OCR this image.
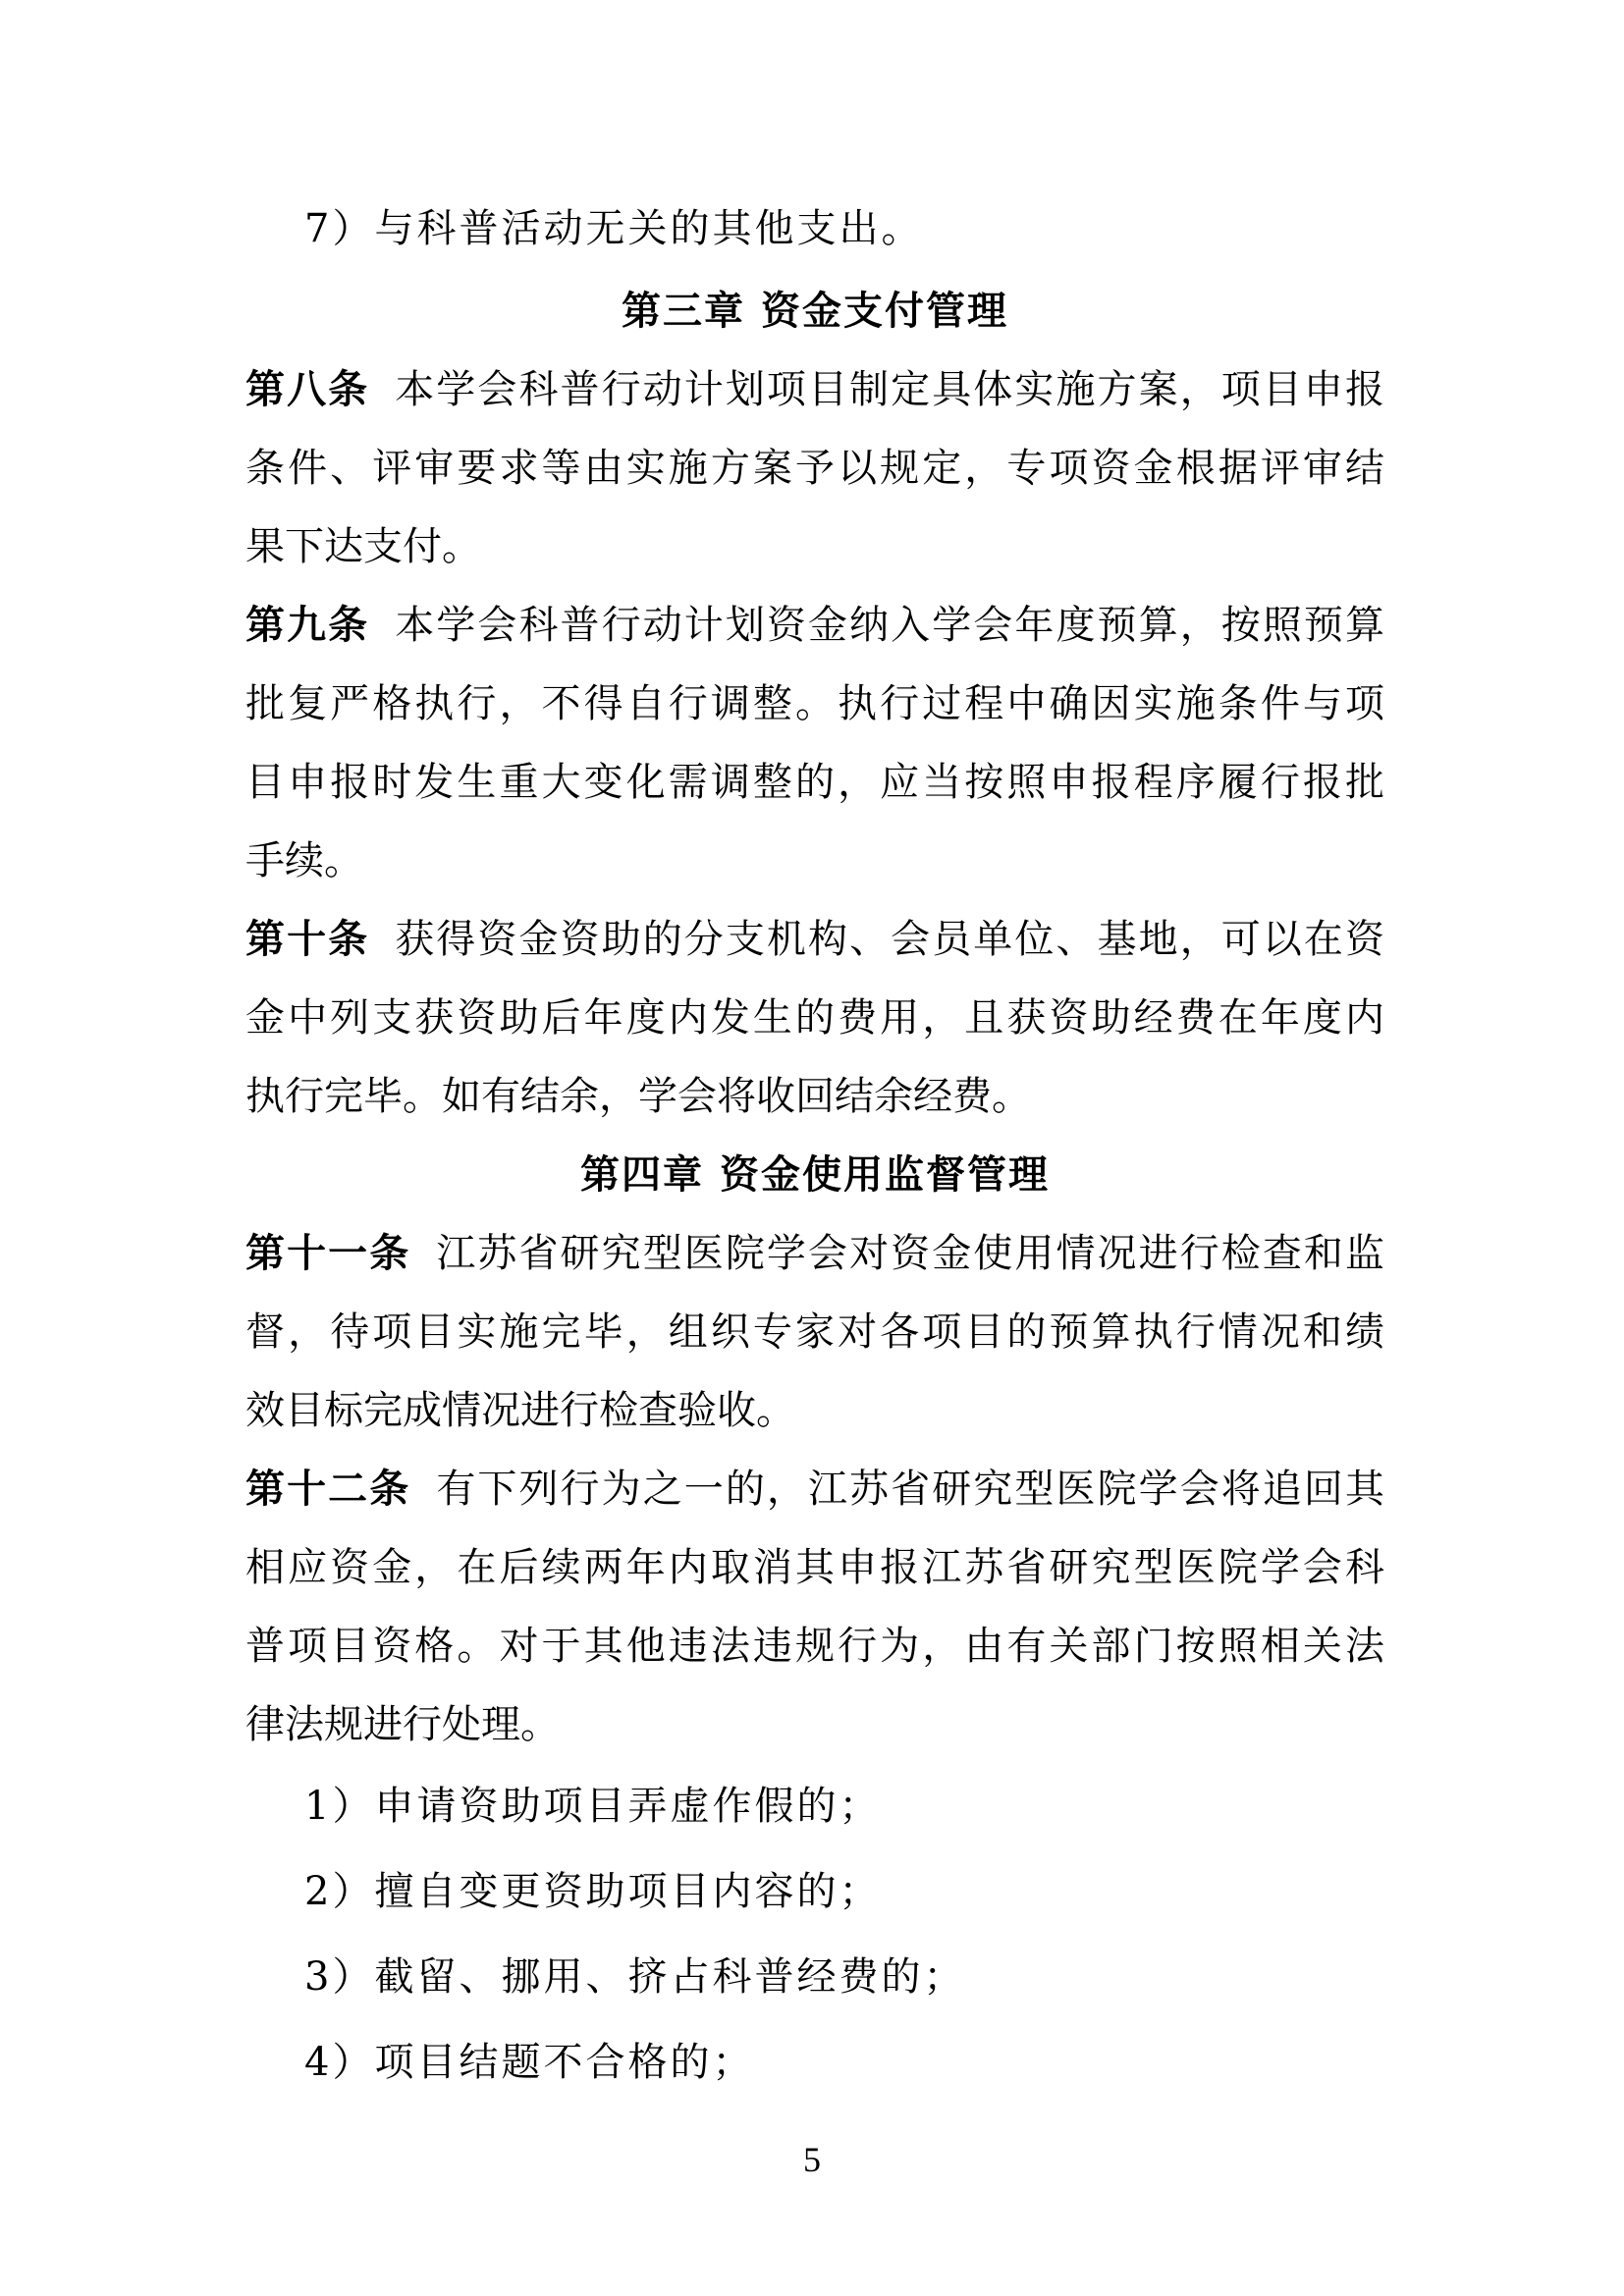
7）与科普活动无关的其他支出。
第三章 资金支付管理
第八条 本学会科普行动计划项目制定具体实施方案，项目申报
条件、评审要求等由实施方案予以规定，专项资金根据评审结
果下达支付。
第九条 本学会科普行动计划资金纳入学会年度预算，按照预算
批复严格执行，不得自行调整。执行过程中确因实施条件与项
目申报时发生重大变化需调整的，应当按照申报程序履行报批
手续。
第十条 获得资金资助的分支机构、会员单位、基地，可以在资
金中列支获资助后年度内发生的费用，且获资助经费在年度内
执行完毕。如有结余，学会将收回结余经费。
第四章 资金使用监督管理
第十一条 江苏省研究型医院学会对资金使用情况进行检查和监
督，待项目实施完毕，组织专家对各项目的预算执行情况和绩
效目标完成情况进行检查验收。
第十二条 有下列行为之一的，江苏省研究型医院学会将追回其
相应资金，在后续两年内取消其申报江苏省研究型医院学会科
普项目资格。对于其他违法违规行为，由有关部门按照相关法
律法规进行处理。
1）申请资助项目弄虚作假的；
2）擅自变更资助项目内容的；
3）截留、挪用、挤占科普经费的；
4）项目结题不合格的；
5
